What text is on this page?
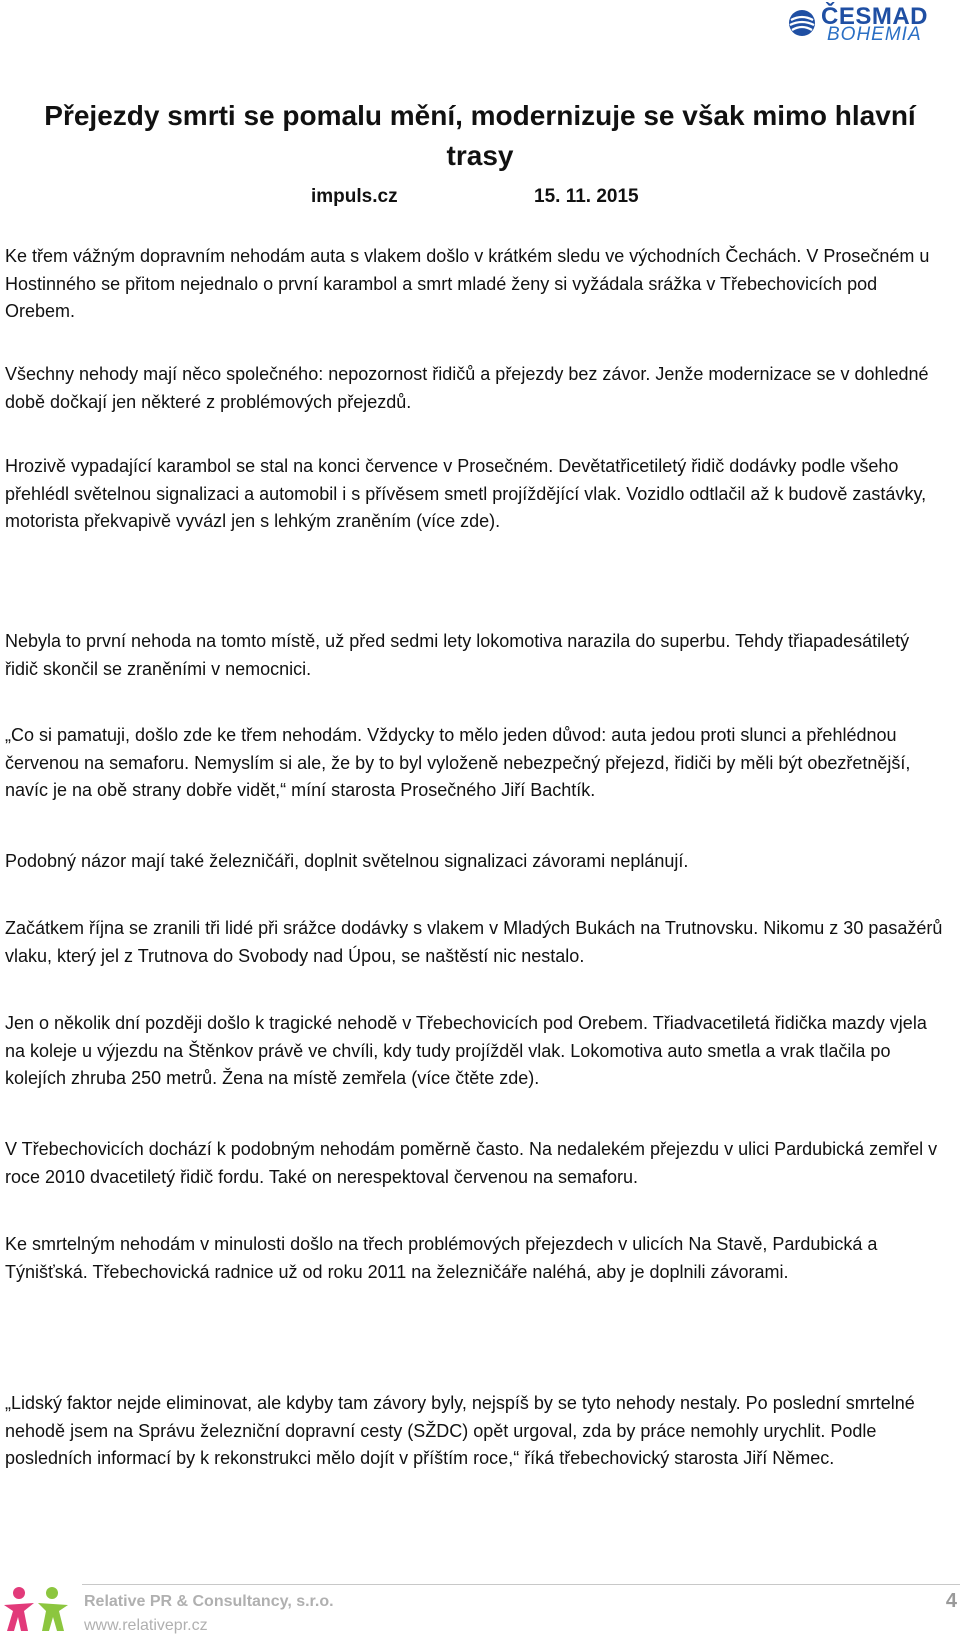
ČESMAD
BOHEMIA
Přejezdy smrti se pomalu mění, modernizuje se však mimo hlavní trasy
impuls.cz	15. 11. 2015

Ke třem vážným dopravním nehodám auta s vlakem došlo v krátkém sledu ve východních Čechách. V Prosečném u Hostinného se přitom nejednalo o první karambol a smrt mladé ženy si vyžádala srážka v Třebechovicích pod Orebem.

Všechny nehody mají něco společného: nepozornost řidičů a přejezdy bez závor. Jenže modernizace se v dohledné době dočkají jen některé z problémových přejezdů.

Hrozivě vypadající karambol se stal na konci července v Prosečném. Devětatřicetiletý řidič dodávky podle všeho přehlédl světelnou signalizaci a automobil i s přívěsem smetl projíždějící vlak. Vozidlo odtlačil až k budově zastávky, motorista překvapivě vyvázl jen s lehkým zraněním (více zde).

Nebyla to první nehoda na tomto místě, už před sedmi lety lokomotiva narazila do superbu. Tehdy třiapadesátiletý řidič skončil se zraněními v nemocnici.

„Co si pamatuji, došlo zde ke třem nehodám. Vždycky to mělo jeden důvod: auta jedou proti slunci a přehlédnou červenou na semaforu. Nemyslím si ale, že by to byl vyloženě nebezpečný přejezd, řidiči by měli být obezřetnější, navíc je na obě strany dobře vidět,“ míní starosta Prosečného Jiří Bachtík.

Podobný názor mají také železničáři, doplnit světelnou signalizaci závorami neplánují.

Začátkem října se zranili tři lidé při srážce dodávky s vlakem v Mladých Bukách na Trutnovsku. Nikomu z 30 pasažérů vlaku, který jel z Trutnova do Svobody nad Úpou, se naštěstí nic nestalo.

Jen o několik dní později došlo k tragické nehodě v Třebechovicích pod Orebem. Třiadvacetiletá řidička mazdy vjela na koleje u výjezdu na Štěnkov právě ve chvíli, kdy tudy projížděl vlak. Lokomotiva auto smetla a vrak tlačila po kolejích zhruba 250 metrů. Žena na místě zemřela (více čtěte zde).

V Třebechovicích dochází k podobným nehodám poměrně často. Na nedalekém přejezdu v ulici Pardubická zemřel v roce 2010 dvacetiletý řidič fordu. Také on nerespektoval červenou na semaforu.

Ke smrtelným nehodám v minulosti došlo na třech problémových přejezdech v ulicích Na Stavě, Pardubická a Týnišťská. Třebechovická radnice už od roku 2011 na železničáře naléhá, aby je doplnili závorami.

„Lidský faktor nejde eliminovat, ale kdyby tam závory byly, nejspíš by se tyto nehody nestaly. Po poslední smrtelné nehodě jsem na Správu železniční dopravní cesty (SŽDC) opět urgoval, zda by práce nemohly urychlit. Podle posledních informací by k rekonstrukci mělo dojít v příštím roce,“ říká třebechovický starosta Jiří Němec.

Relative PR & Consultancy, s.r.o.
www.relativepr.cz
4
